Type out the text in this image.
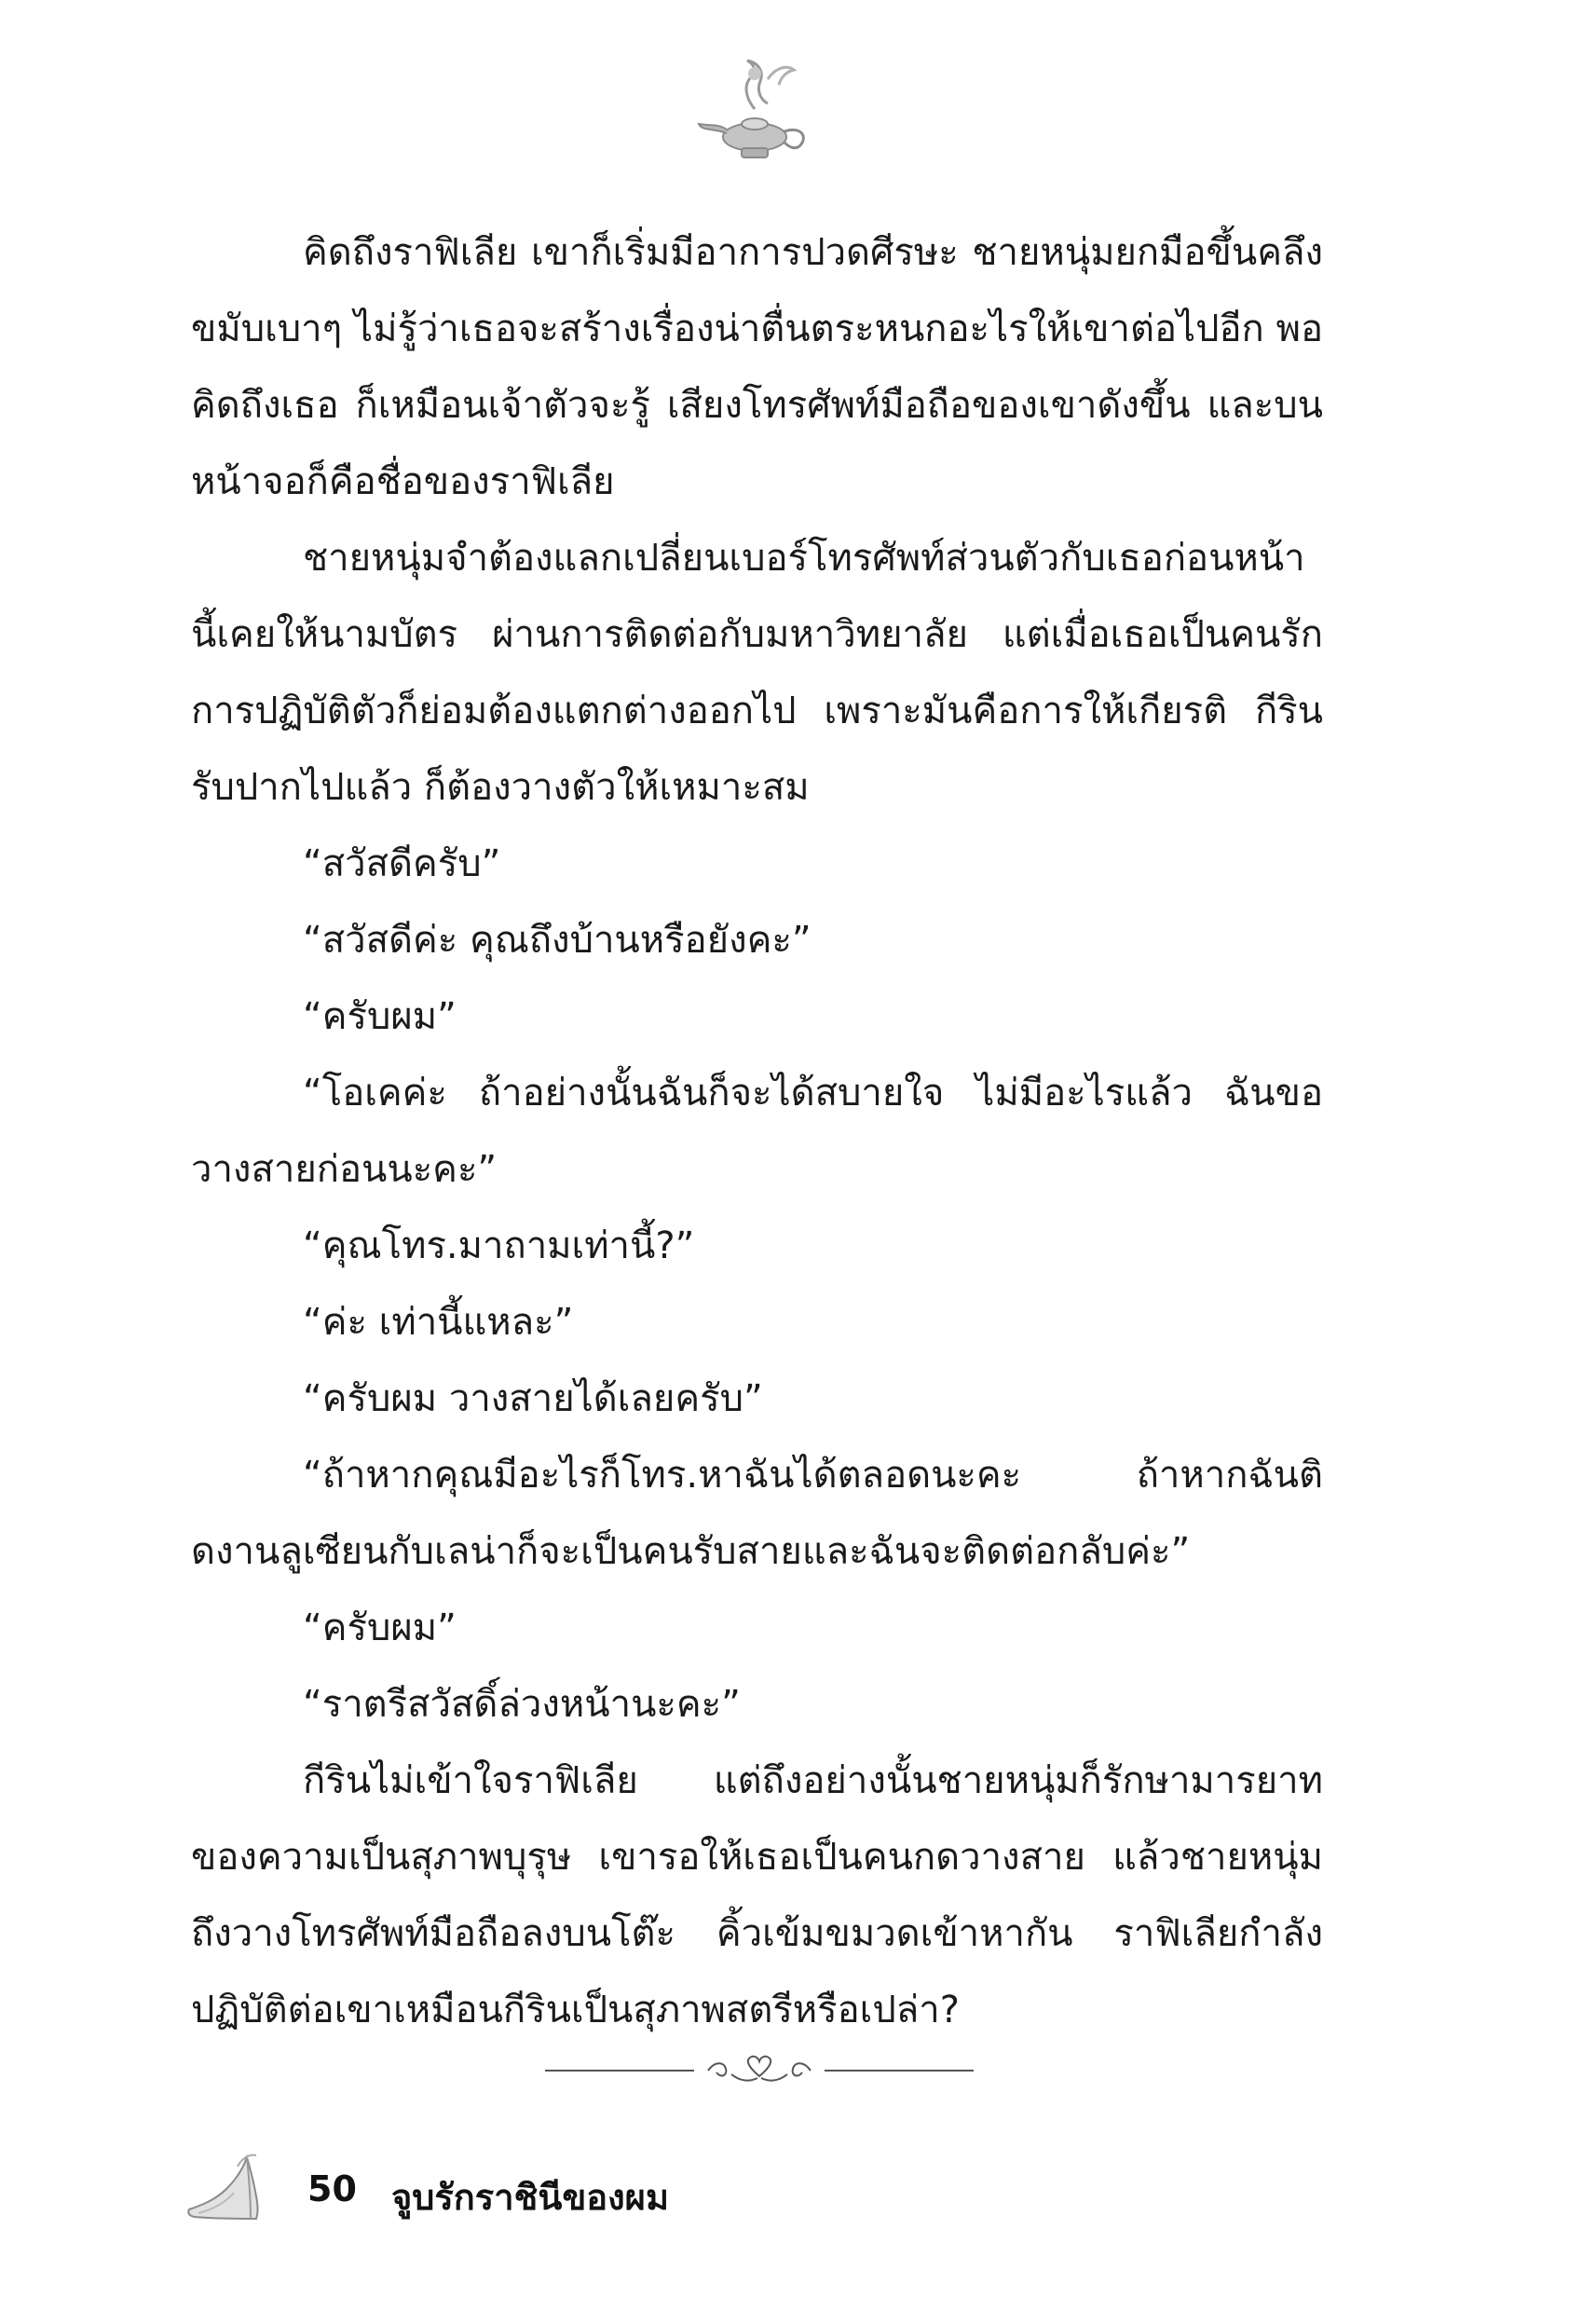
คิดถึงราฟิเลีย เขาก็เริ่มมีอาการปวดศีรษะ ชายหนุ่มยกมือขึ้นคลึงขมับเบาๆ ไม่รู้ว่าเธอจะสร้างเรื่องน่าตื่นตระหนกอะไรให้เขาต่อไปอีก พอคิดถึงเธอ ก็เหมือนเจ้าตัวจะรู้ เสียงโทรศัพท์มือถือของเขาดังขึ้น และบนหน้าจอก็คือชื่อของราฟิเลีย

ชายหนุ่มจำต้องแลกเปลี่ยนเบอร์โทรศัพท์ส่วนตัวกับเธอก่อนหน้านี้เคยให้นามบัตร ผ่านการติดต่อกับมหาวิทยาลัย แต่เมื่อเธอเป็นคนรัก การปฏิบัติตัวก็ย่อมต้องแตกต่างออกไป เพราะมันคือการให้เกียรติ กีรินรับปากไปแล้ว ก็ต้องวางตัวให้เหมาะสม

“สวัสดีครับ”

“สวัสดีค่ะ คุณถึงบ้านหรือยังคะ”

“ครับผม”

“โอเคค่ะ ถ้าอย่างนั้นฉันก็จะได้สบายใจ ไม่มีอะไรแล้ว ฉันขอวางสายก่อนนะคะ”

“คุณโทร.มาถามเท่านี้?”

“ค่ะ เท่านี้แหละ”

“ครับผม วางสายได้เลยครับ”

“ถ้าหากคุณมีอะไรก็โทร.หาฉันได้ตลอดนะคะ ถ้าหากฉันติดงานลูเซียนกับเลน่าก็จะเป็นคนรับสายและฉันจะติดต่อกลับค่ะ”

“ครับผม”

“ราตรีสวัสดิ์ล่วงหน้านะคะ”

กีรินไม่เข้าใจราฟิเลีย แต่ถึงอย่างนั้นชายหนุ่มก็รักษามารยาทของความเป็นสุภาพบุรุษ เขารอให้เธอเป็นคนกดวางสาย แล้วชายหนุ่มถึงวางโทรศัพท์มือถือลงบนโต๊ะ คิ้วเข้มขมวดเข้าหากัน ราฟิเลียกำลังปฏิบัติต่อเขาเหมือนกีรินเป็นสุภาพสตรีหรือเปล่า?

50 จูบรักราชินีของผม
